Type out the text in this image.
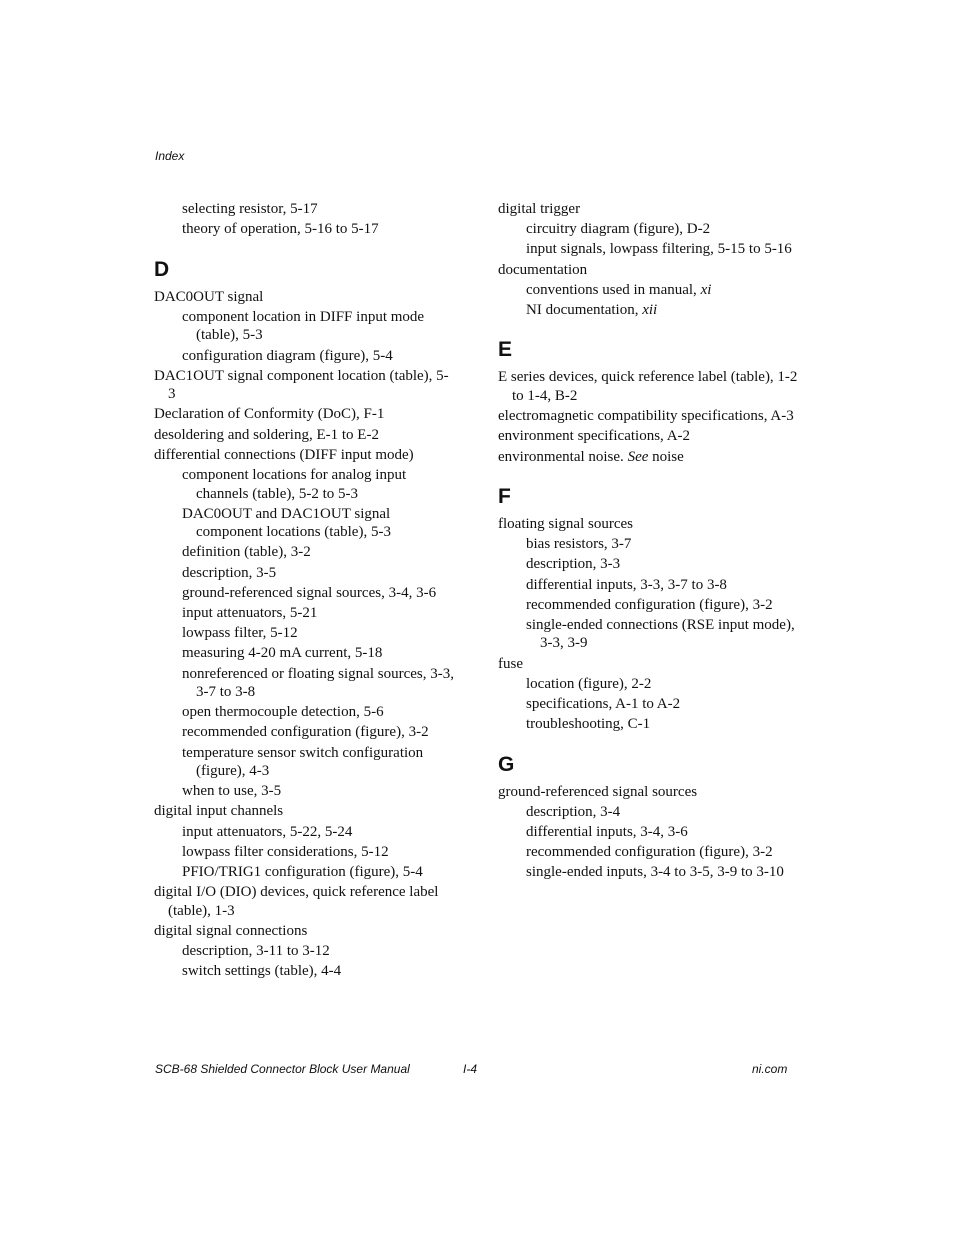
Index
selecting resistor, 5-17
theory of operation, 5-16 to 5-17
D
DAC0OUT signal
component location in DIFF input mode (table), 5-3
configuration diagram (figure), 5-4
DAC1OUT signal component location (table), 5-3
Declaration of Conformity (DoC), F-1
desoldering and soldering, E-1 to E-2
differential connections (DIFF input mode)
component locations for analog input channels (table), 5-2 to 5-3
DAC0OUT and DAC1OUT signal component locations (table), 5-3
definition (table), 3-2
description, 3-5
ground-referenced signal sources, 3-4, 3-6
input attenuators, 5-21
lowpass filter, 5-12
measuring 4-20 mA current, 5-18
nonreferenced or floating signal sources, 3-3, 3-7 to 3-8
open thermocouple detection, 5-6
recommended configuration (figure), 3-2
temperature sensor switch configuration (figure), 4-3
when to use, 3-5
digital input channels
input attenuators, 5-22, 5-24
lowpass filter considerations, 5-12
PFIO/TRIG1 configuration (figure), 5-4
digital I/O (DIO) devices, quick reference label (table), 1-3
digital signal connections
description, 3-11 to 3-12
switch settings (table), 4-4
digital trigger
circuitry diagram (figure), D-2
input signals, lowpass filtering, 5-15 to 5-16
documentation
conventions used in manual, xi
NI documentation, xii
E
E series devices, quick reference label (table), 1-2 to 1-4, B-2
electromagnetic compatibility specifications, A-3
environment specifications, A-2
environmental noise. See noise
F
floating signal sources
bias resistors, 3-7
description, 3-3
differential inputs, 3-3, 3-7 to 3-8
recommended configuration (figure), 3-2
single-ended connections (RSE input mode), 3-3, 3-9
fuse
location (figure), 2-2
specifications, A-1 to A-2
troubleshooting, C-1
G
ground-referenced signal sources
description, 3-4
differential inputs, 3-4, 3-6
recommended configuration (figure), 3-2
single-ended inputs, 3-4 to 3-5, 3-9 to 3-10
SCB-68 Shielded Connector Block User Manual	I-4	ni.com
